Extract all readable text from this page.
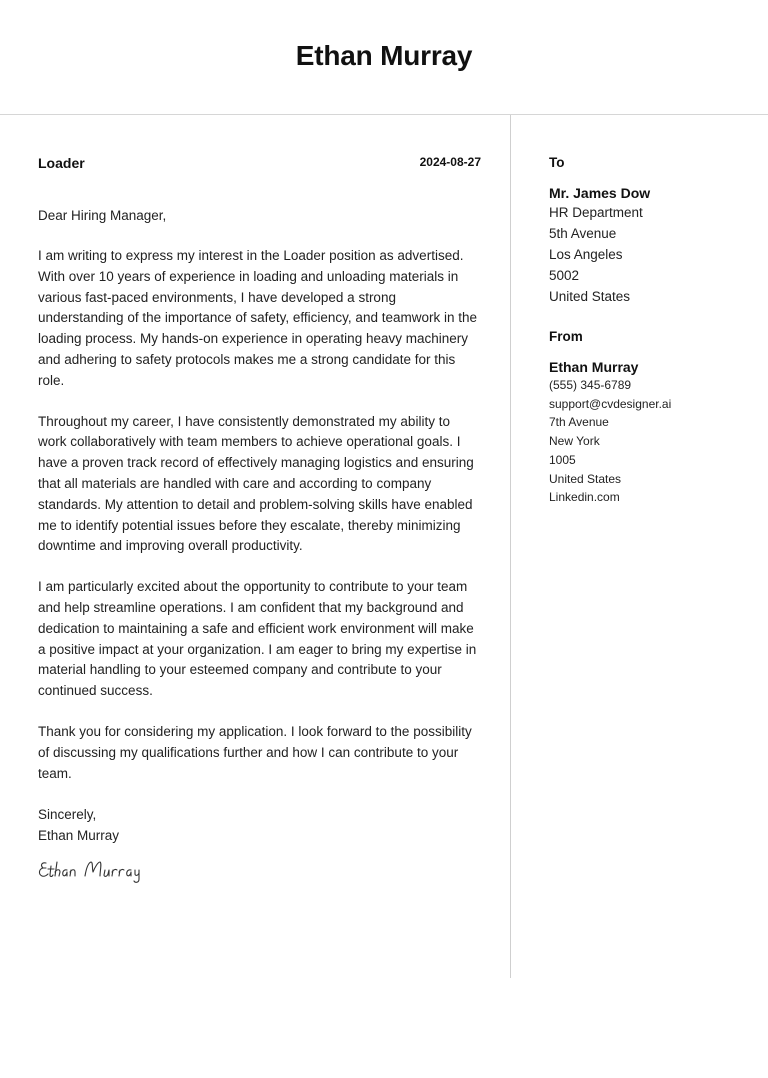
Ethan Murray
Loader	2024-08-27
Dear Hiring Manager,
I am writing to express my interest in the Loader position as advertised. With over 10 years of experience in loading and unloading materials in various fast-paced environments, I have developed a strong understanding of the importance of safety, efficiency, and teamwork in the loading process. My hands-on experience in operating heavy machinery and adhering to safety protocols makes me a strong candidate for this role.
Throughout my career, I have consistently demonstrated my ability to work collaboratively with team members to achieve operational goals. I have a proven track record of effectively managing logistics and ensuring that all materials are handled with care and according to company standards. My attention to detail and problem-solving skills have enabled me to identify potential issues before they escalate, thereby minimizing downtime and improving overall productivity.
I am particularly excited about the opportunity to contribute to your team and help streamline operations. I am confident that my background and dedication to maintaining a safe and efficient work environment will make a positive impact at your organization. I am eager to bring my expertise in material handling to your esteemed company and contribute to your continued success.
Thank you for considering my application. I look forward to the possibility of discussing my qualifications further and how I can contribute to your team.
Sincerely,
Ethan Murray
To
Mr. James Dow
HR Department
5th Avenue
Los Angeles
5002
United States
From
Ethan Murray
(555) 345-6789
support@cvdesigner.ai
7th Avenue
New York
1005
United States
Linkedin.com
